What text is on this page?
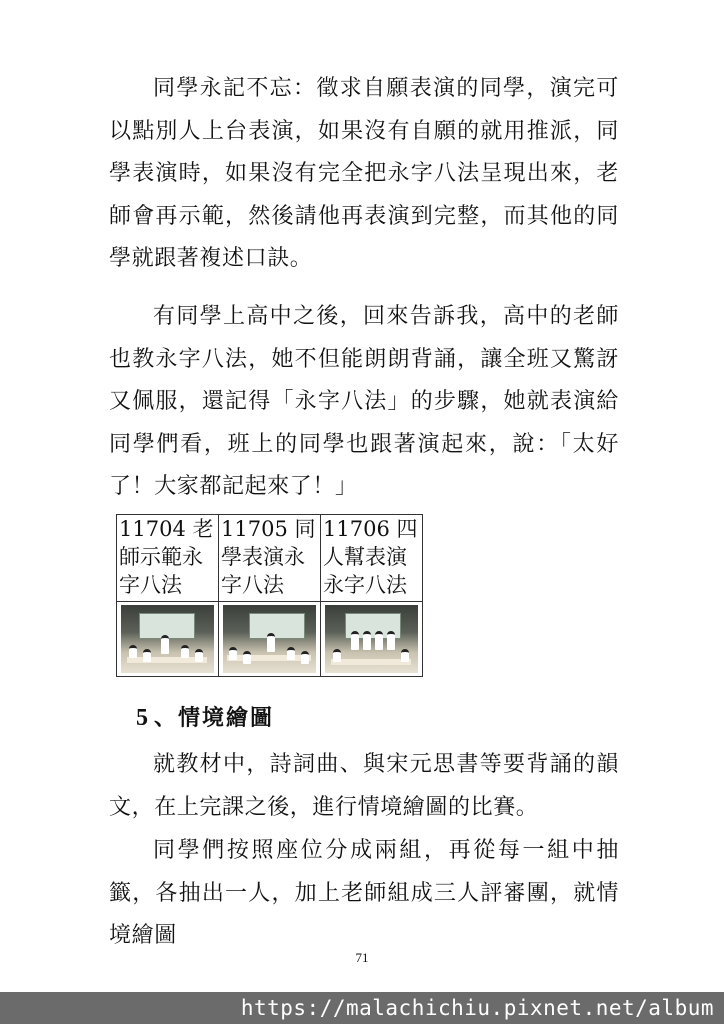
同學永記不忘：徵求自願表演的同學，演完可以點別人上台表演，如果沒有自願的就用推派，同學表演時，如果沒有完全把永字八法呈現出來，老師會再示範，然後請他再表演到完整，而其他的同學就跟著複述口訣。

有同學上高中之後，回來告訴我，高中的老師也教永字八法，她不但能朗朗背誦，讓全班又驚訝又佩服，還記得「永字八法」的步驟，她就表演給同學們看，班上的同學也跟著演起來，說：「太好了！大家都記起來了！」

11704 老師示範永字八法	11705 同學表演永字八法	11706 四人幫表演永字八法

5 、情境繪圖

就教材中，詩詞曲、與宋元思書等要背誦的韻文，在上完課之後，進行情境繪圖的比賽。

同學們按照座位分成兩組，再從每一組中抽籤，各抽出一人，加上老師組成三人評審團，就情境繪圖

71
https://malachichiu.pixnet.net/album
